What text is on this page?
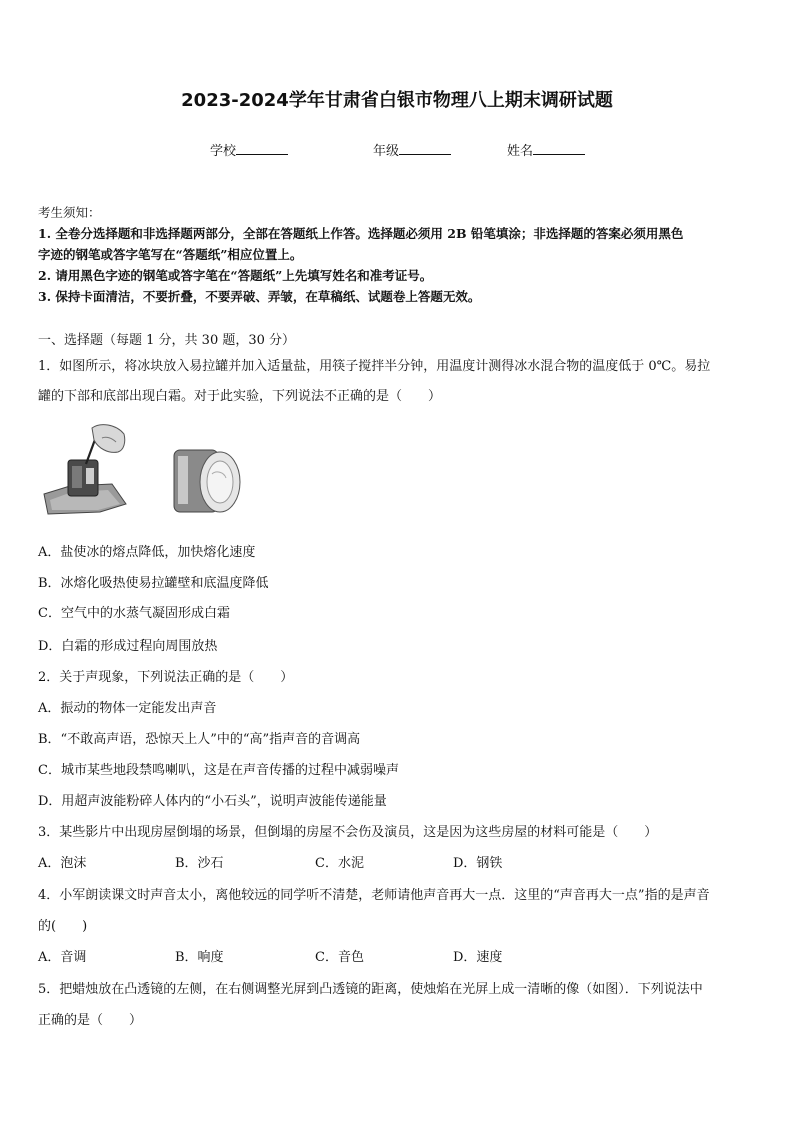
2023-2024学年甘肃省白银市物理八上期末调研试题
学校	年级	姓名
考生须知：
1. 全卷分选择题和非选择题两部分，全部在答题纸上作答。选择题必须用 2B 铅笔填涂；非选择题的答案必须用黑色
字迹的钢笔或答字笔写在“答题纸”相应位置上。
2. 请用黑色字迹的钢笔或答字笔在“答题纸”上先填写姓名和准考证号。
3. 保持卡面清洁，不要折叠，不要弄破、弄皱，在草稿纸、试题卷上答题无效。
一、选择题（每题 1 分，共 30 题，30 分）
1．如图所示，将冰块放入易拉罐并加入适量盐，用筷子搅拌半分钟，用温度计测得冰水混合物的温度低于 0℃。易拉
罐的下部和底部出现白霜。对于此实验，下列说法不正确的是（　　）
A．盐使冰的熔点降低，加快熔化速度
B．冰熔化吸热使易拉罐壁和底温度降低
C．空气中的水蒸气凝固形成白霜
D．白霜的形成过程向周围放热
2．关于声现象，下列说法正确的是（　　）
A．振动的物体一定能发出声音
B．“不敢高声语，恐惊天上人”中的“高”指声音的音调高
C．城市某些地段禁鸣喇叭，这是在声音传播的过程中减弱噪声
D．用超声波能粉碎人体内的“小石头”，说明声波能传递能量
3．某些影片中出现房屋倒塌的场景，但倒塌的房屋不会伤及演员，这是因为这些房屋的材料可能是（　　）
A．泡沫	B．沙石	C．水泥	D．钢铁
4．小军朗读课文时声音太小，离他较远的同学听不清楚，老师请他声音再大一点．这里的“声音再大一点”指的是声音
的(　　)
A．音调	B．响度	C．音色	D．速度
5．把蜡烛放在凸透镜的左侧，在右侧调整光屏到凸透镜的距离，使烛焰在光屏上成一清晰的像（如图）．下列说法中
正确的是（　　）
